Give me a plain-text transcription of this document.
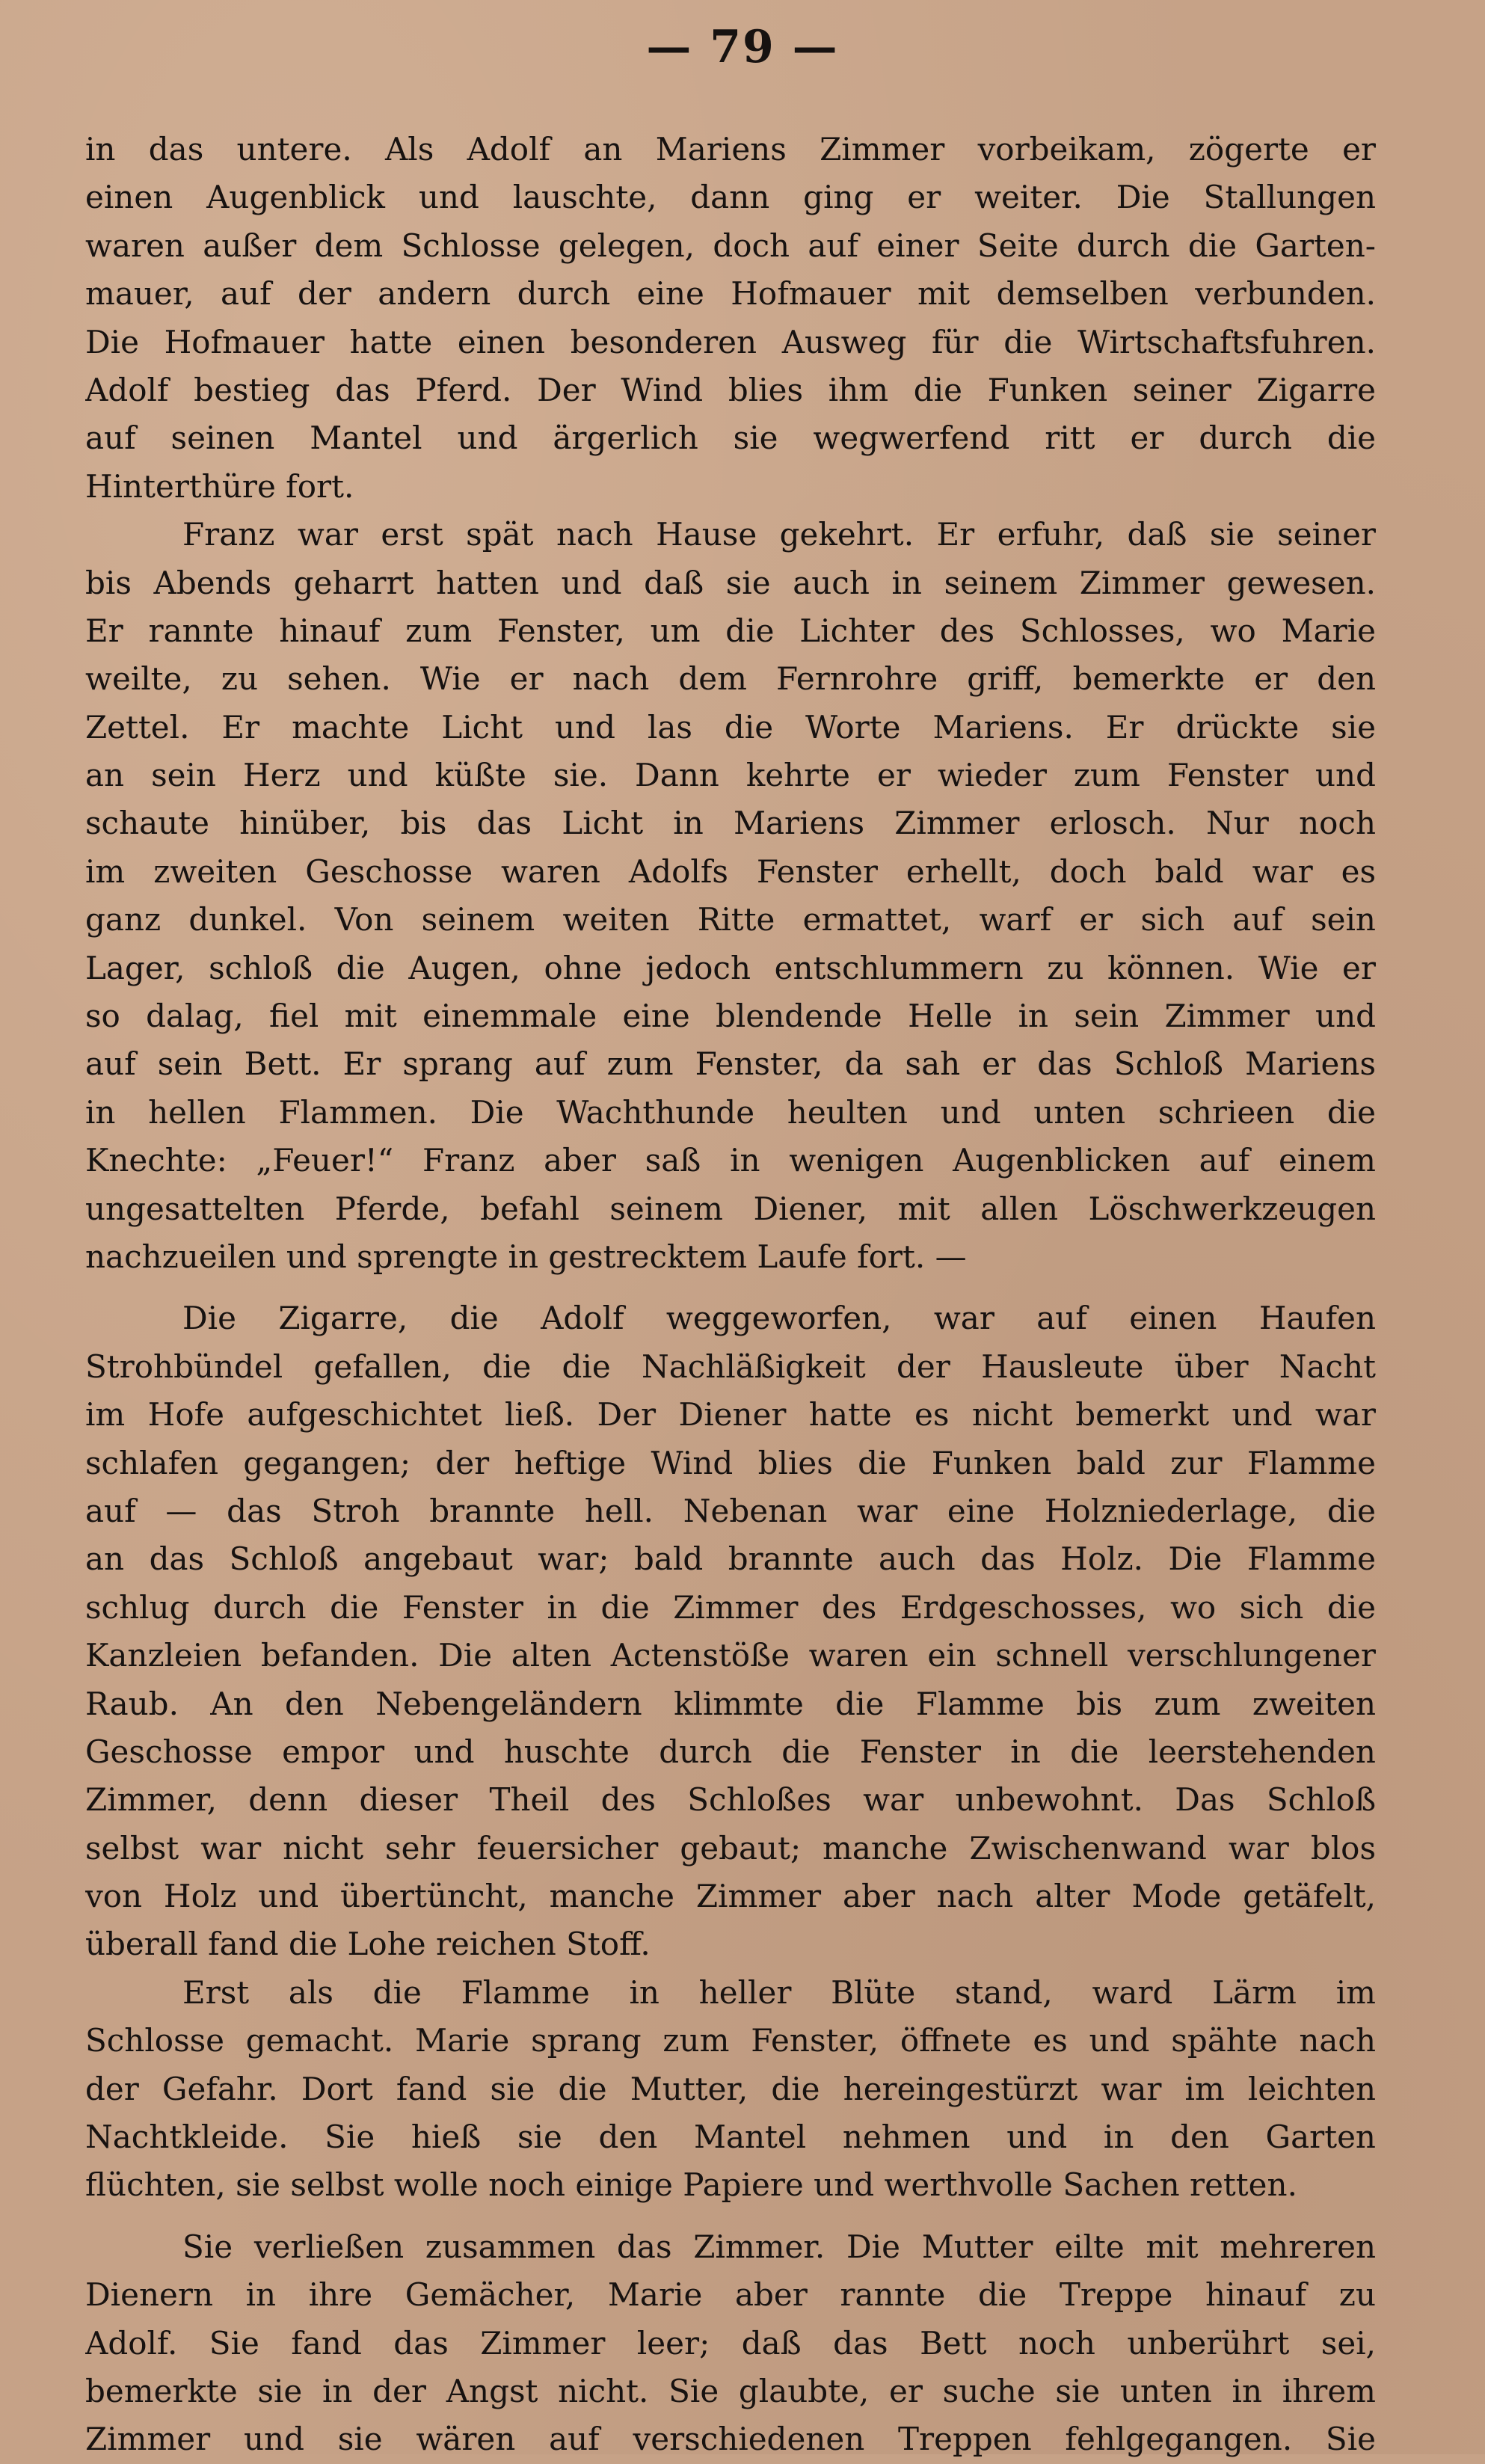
— 79 —
in das untere. Als Adolf an Mariens Zimmer vorbeikam, zögerte er
einen Augenblick und lauschte, dann ging er weiter. Die Stallungen
waren außer dem Schlosse gelegen, doch auf einer Seite durch die Garten-
mauer, auf der andern durch eine Hofmauer mit demselben verbunden.
Die Hofmauer hatte einen besonderen Ausweg für die Wirtschaftsfuhren.
Adolf bestieg das Pferd. Der Wind blies ihm die Funken seiner Zigarre
auf seinen Mantel und ärgerlich sie wegwerfend ritt er durch die
Hinterthüre fort.
Franz war erst spät nach Hause gekehrt. Er erfuhr, daß sie seiner
bis Abends geharrt hatten und daß sie auch in seinem Zimmer gewesen.
Er rannte hinauf zum Fenster, um die Lichter des Schlosses, wo Marie
weilte, zu sehen. Wie er nach dem Fernrohre griff, bemerkte er den
Zettel. Er machte Licht und las die Worte Mariens. Er drückte sie
an sein Herz und küßte sie. Dann kehrte er wieder zum Fenster und
schaute hinüber, bis das Licht in Mariens Zimmer erlosch. Nur noch
im zweiten Geschosse waren Adolfs Fenster erhellt, doch bald war es
ganz dunkel. Von seinem weiten Ritte ermattet, warf er sich auf sein
Lager, schloß die Augen, ohne jedoch entschlummern zu können. Wie er
so dalag, fiel mit einemmale eine blendende Helle in sein Zimmer und
auf sein Bett. Er sprang auf zum Fenster, da sah er das Schloß Mariens
in hellen Flammen. Die Wachthunde heulten und unten schrieen die
Knechte: „Feuer!“ Franz aber saß in wenigen Augenblicken auf einem
ungesattelten Pferde, befahl seinem Diener, mit allen Löschwerkzeugen
nachzueilen und sprengte in gestrecktem Laufe fort. —
Die Zigarre, die Adolf weggeworfen, war auf einen Haufen
Strohbündel gefallen, die die Nachläßigkeit der Hausleute über Nacht
im Hofe aufgeschichtet ließ. Der Diener hatte es nicht bemerkt und war
schlafen gegangen; der heftige Wind blies die Funken bald zur Flamme
auf — das Stroh brannte hell. Nebenan war eine Holzniederlage, die
an das Schloß angebaut war; bald brannte auch das Holz. Die Flamme
schlug durch die Fenster in die Zimmer des Erdgeschosses, wo sich die
Kanzleien befanden. Die alten Actenstöße waren ein schnell verschlungener
Raub. An den Nebengeländern klimmte die Flamme bis zum zweiten
Geschosse empor und huschte durch die Fenster in die leerstehenden
Zimmer, denn dieser Theil des Schloßes war unbewohnt. Das Schloß
selbst war nicht sehr feuersicher gebaut; manche Zwischenwand war blos
von Holz und übertüncht, manche Zimmer aber nach alter Mode getäfelt,
überall fand die Lohe reichen Stoff.
Erst als die Flamme in heller Blüte stand, ward Lärm im
Schlosse gemacht. Marie sprang zum Fenster, öffnete es und spähte nach
der Gefahr. Dort fand sie die Mutter, die hereingestürzt war im leichten
Nachtkleide. Sie hieß sie den Mantel nehmen und in den Garten
flüchten, sie selbst wolle noch einige Papiere und werthvolle Sachen retten.
Sie verließen zusammen das Zimmer. Die Mutter eilte mit mehreren
Dienern in ihre Gemächer, Marie aber rannte die Treppe hinauf zu
Adolf. Sie fand das Zimmer leer; daß das Bett noch unberührt sei,
bemerkte sie in der Angst nicht. Sie glaubte, er suche sie unten in ihrem
Zimmer und sie wären auf verschiedenen Treppen fehlgegangen. Sie
